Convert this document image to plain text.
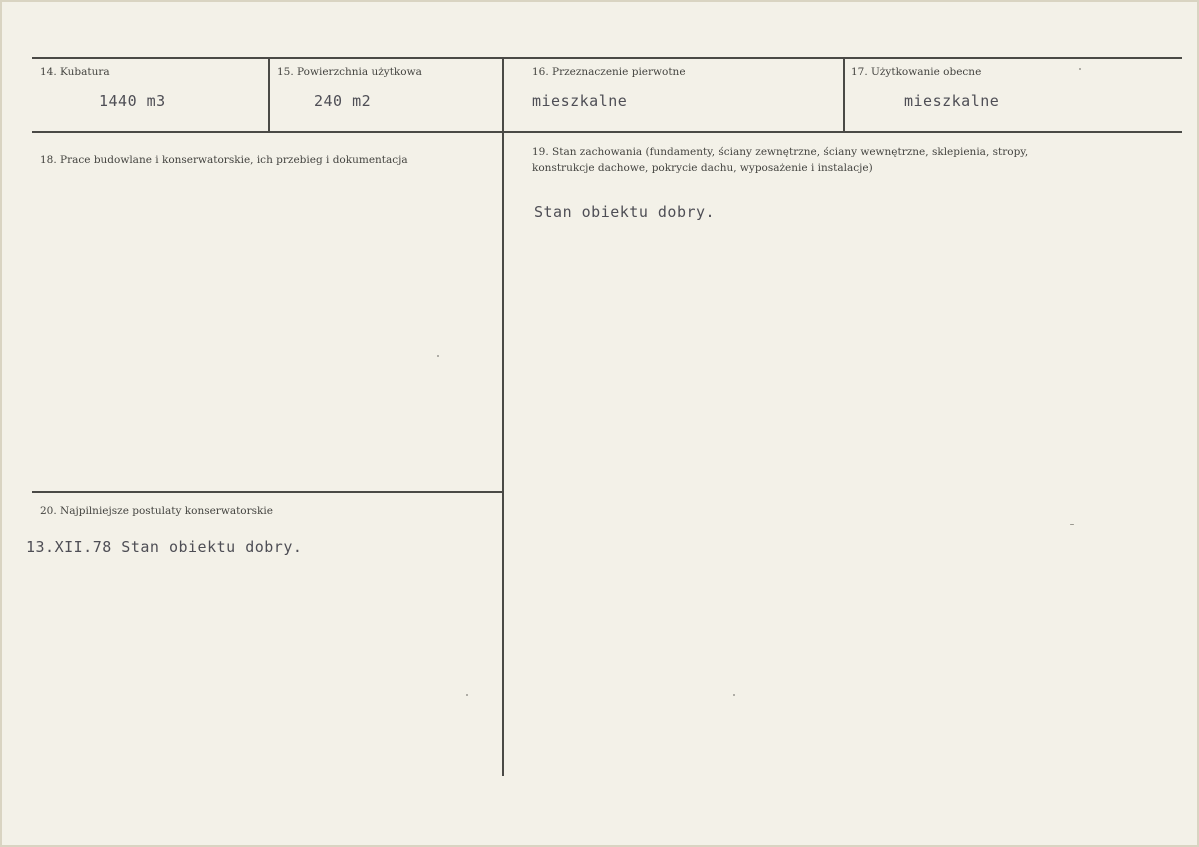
14. Kubatura
1440 m3
15. Powierzchnia użytkowa
240 m2
16. Przeznaczenie pierwotne
mieszkalne
17. Użytkowanie obecne
mieszkalne
18. Prace budowlane i konserwatorskie, ich przebieg i dokumentacja
19. Stan zachowania (fundamenty, ściany zewnętrzne, ściany wewnętrzne, sklepienia, stropy, konstrukcje dachowe, pokrycie dachu, wyposażenie i instalacje)
Stan obiektu dobry.
20. Najpilniejsze postulaty konserwatorskie
13.XII.78 Stan obiektu dobry.
